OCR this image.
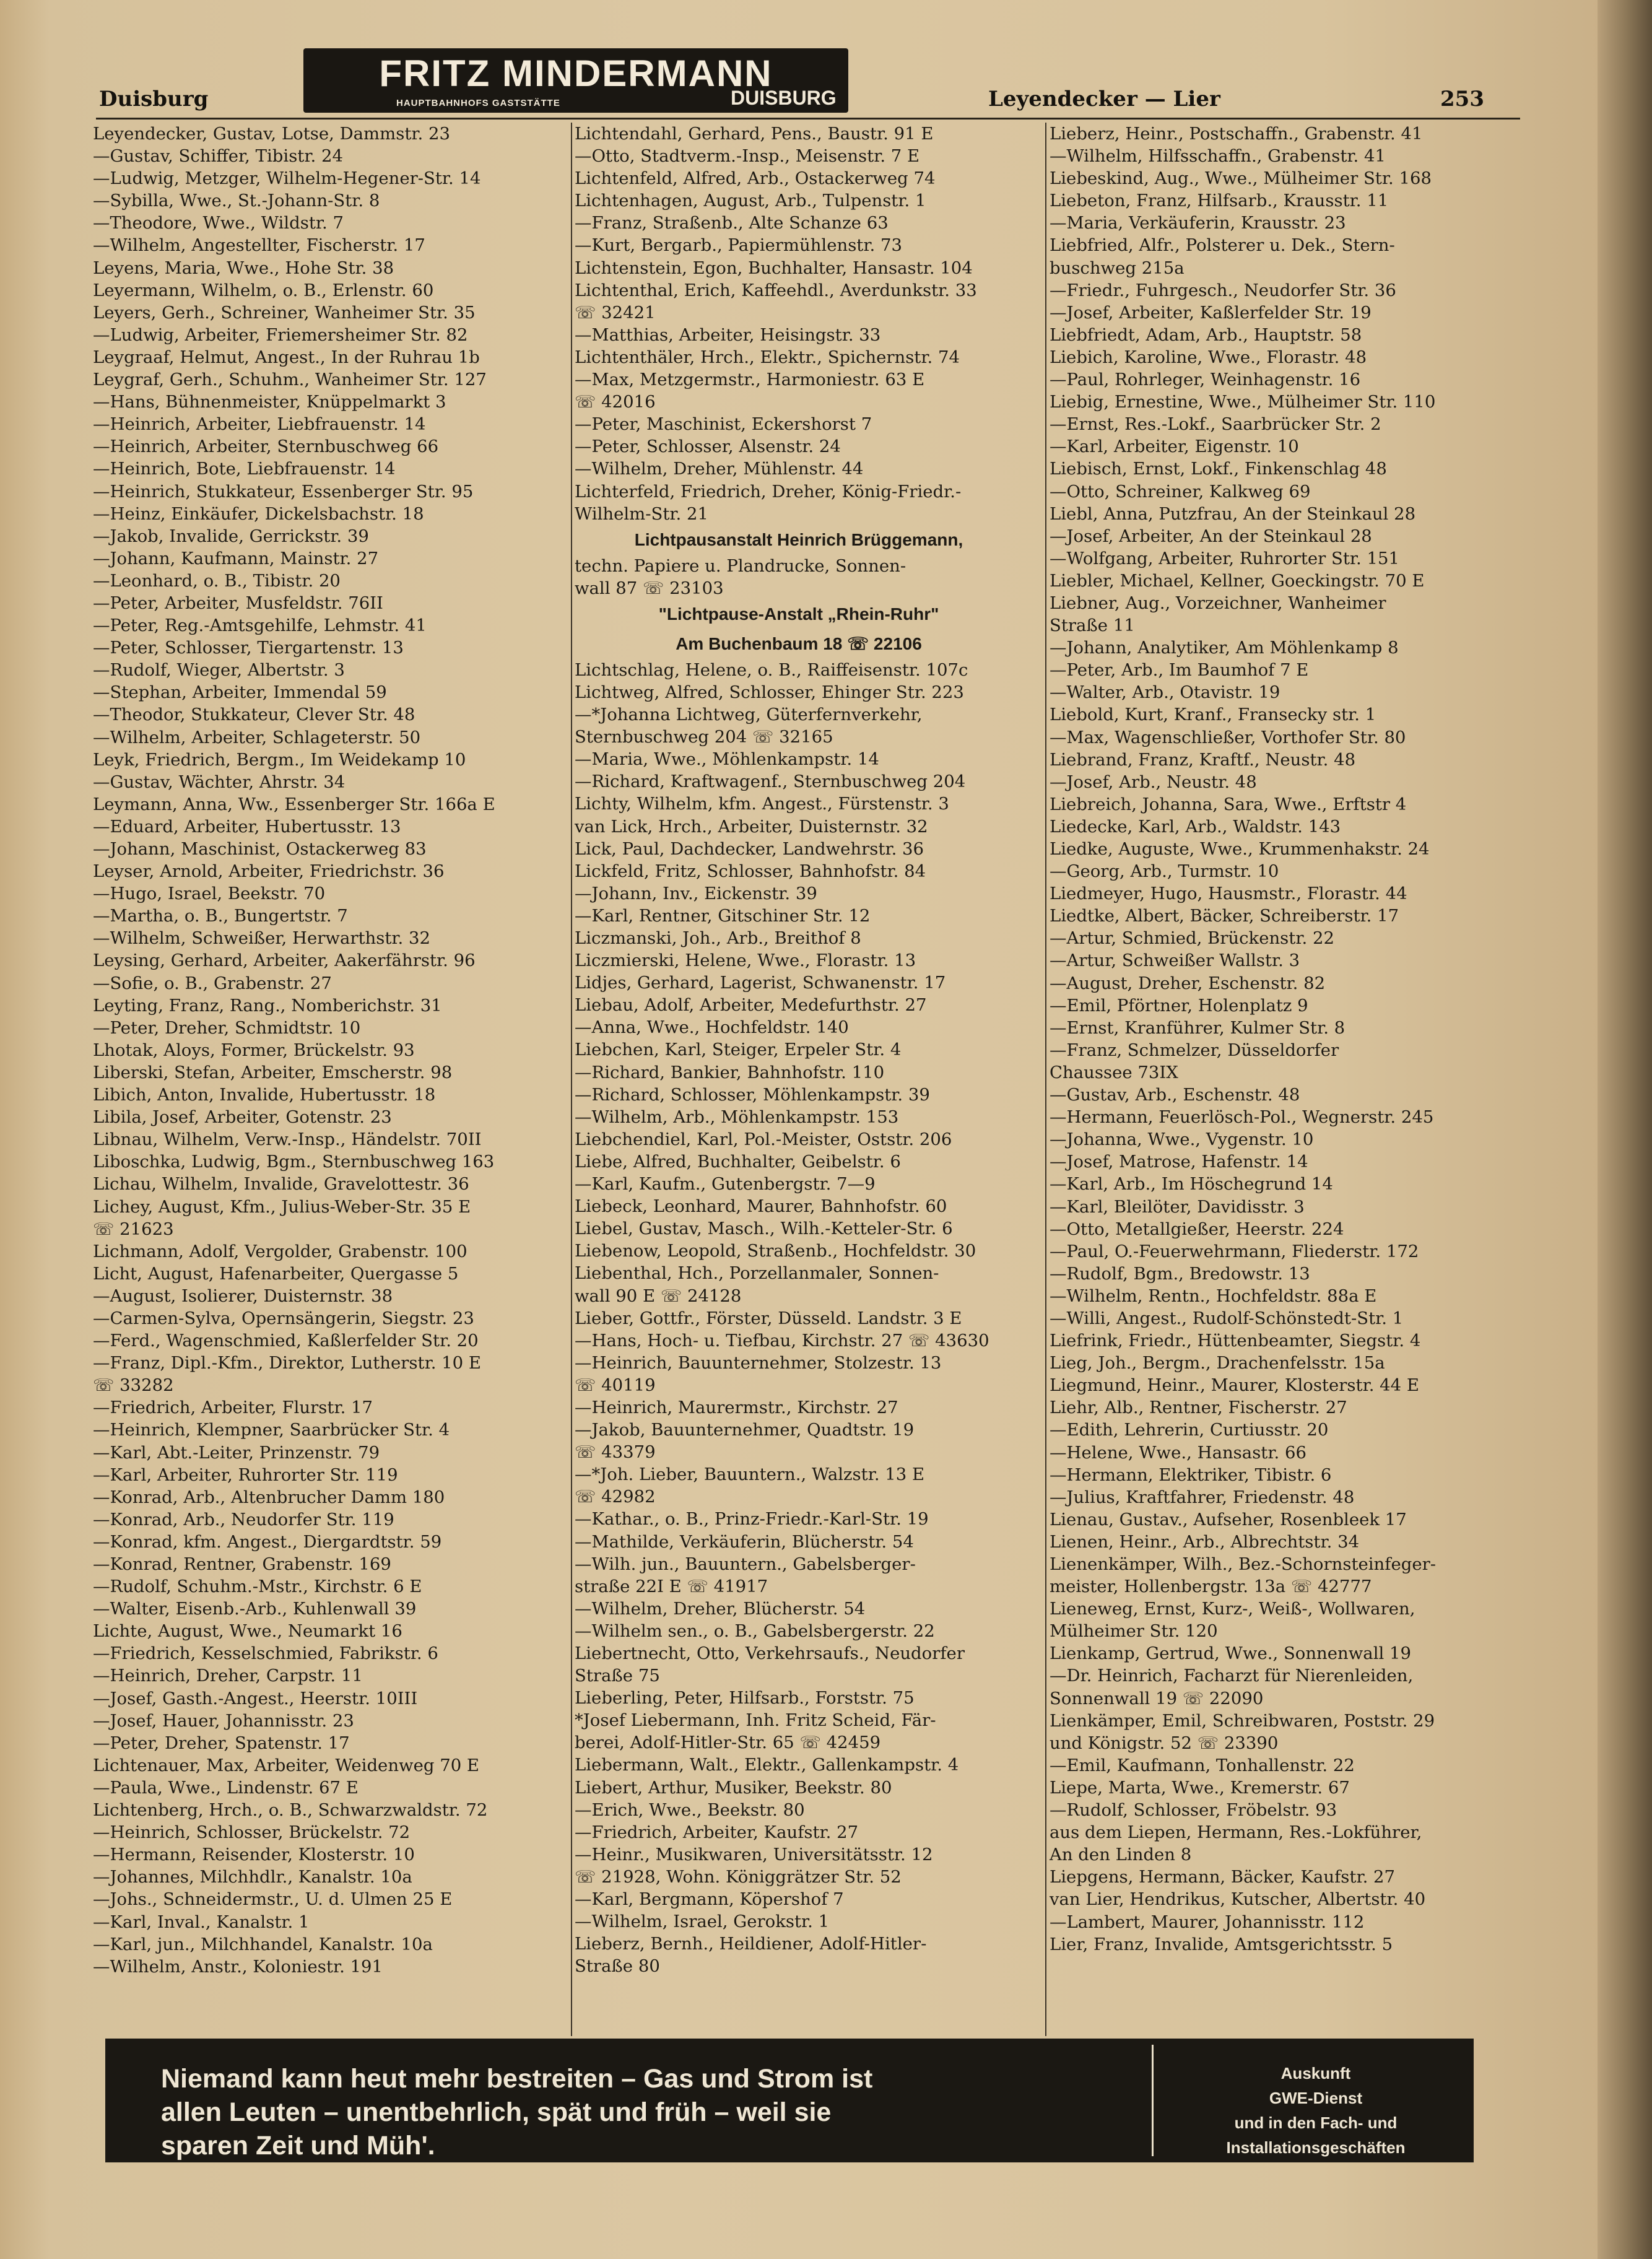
Duisburg
FRITZ MINDERMANN
HAUPTBAHNHOFS GASTSTÄTTE	DUISBURG	Leyendecker — Lier	253
Leyendecker, Gustav, Lotse, Dammstr. 23
—Gustav, Schiffer, Tibistr. 24
—Ludwig, Metzger, Wilhelm-Hegener-Str. 14
—Sybilla, Wwe., St.-Johann-Str. 8
—Theodore, Wwe., Wildstr. 7
—Wilhelm, Angestellter, Fischerstr. 17
Leyens, Maria, Wwe., Hohe Str. 38
Leyermann, Wilhelm, o. B., Erlenstr. 60
Leyers, Gerh., Schreiner, Wanheimer Str. 35
—Ludwig, Arbeiter, Friemersheimer Str. 82
Leygraaf, Helmut, Angest., In der Ruhrau 1b
Leygraf, Gerh., Schuhm., Wanheimer Str. 127
—Hans, Bühnenmeister, Knüppelmarkt 3
—Heinrich, Arbeiter, Liebfrauenstr. 14
—Heinrich, Arbeiter, Sternbuschweg 66
—Heinrich, Bote, Liebfrauenstr. 14
—Heinrich, Stukkateur, Essenberger Str. 95
—Heinz, Einkäufer, Dickelsbachstr. 18
—Jakob, Invalide, Gerrickstr. 39
—Johann, Kaufmann, Mainstr. 27
—Leonhard, o. B., Tibistr. 20
—Peter, Arbeiter, Musfeldstr. 76II
—Peter, Reg.-Amtsgehilfe, Lehmstr. 41
—Peter, Schlosser, Tiergartenstr. 13
—Rudolf, Wieger, Albertstr. 3
—Stephan, Arbeiter, Immendal 59
—Theodor, Stukkateur, Clever Str. 48
—Wilhelm, Arbeiter, Schlageterstr. 50
Leyk, Friedrich, Bergm., Im Weidekamp 10
—Gustav, Wächter, Ahrstr. 34
Leymann, Anna, Ww., Essenberger Str. 166a E
—Eduard, Arbeiter, Hubertusstr. 13
—Johann, Maschinist, Ostackerweg 83
Leyser, Arnold, Arbeiter, Friedrichstr. 36
—Hugo, Israel, Beekstr. 70
—Martha, o. B., Bungertstr. 7
—Wilhelm, Schweißer, Herwarthstr. 32
Leysing, Gerhard, Arbeiter, Aakerfährstr. 96
—Sofie, o. B., Grabenstr. 27
Leyting, Franz, Rang., Nomberichstr. 31
—Peter, Dreher, Schmidtstr. 10
Lhotak, Aloys, Former, Brückelstr. 93
Liberski, Stefan, Arbeiter, Emscherstr. 98
Libich, Anton, Invalide, Hubertusstr. 18
Libila, Josef, Arbeiter, Gotenstr. 23
Libnau, Wilhelm, Verw.-Insp., Händelstr. 70II
Liboschka, Ludwig, Bgm., Sternbuschweg 163
Lichau, Wilhelm, Invalide, Gravelottestr. 36
Lichey, August, Kfm., Julius-Weber-Str. 35 E
☏ 21623
Lichmann, Adolf, Vergolder, Grabenstr. 100
Licht, August, Hafenarbeiter, Quergasse 5
—August, Isolierer, Duisternstr. 38
—Carmen-Sylva, Opernsängerin, Siegstr. 23
—Ferd., Wagenschmied, Kaßlerfelder Str. 20
—Franz, Dipl.-Kfm., Direktor, Lutherstr. 10 E
☏ 33282
—Friedrich, Arbeiter, Flurstr. 17
—Heinrich, Klempner, Saarbrücker Str. 4
—Karl, Abt.-Leiter, Prinzenstr. 79
—Karl, Arbeiter, Ruhrorter Str. 119
—Konrad, Arb., Altenbrucher Damm 180
—Konrad, Arb., Neudorfer Str. 119
—Konrad, kfm. Angest., Diergardtstr. 59
—Konrad, Rentner, Grabenstr. 169
—Rudolf, Schuhm.-Mstr., Kirchstr. 6 E
—Walter, Eisenb.-Arb., Kuhlenwall 39
Lichte, August, Wwe., Neumarkt 16
—Friedrich, Kesselschmied, Fabrikstr. 6
—Heinrich, Dreher, Carpstr. 11
—Josef, Gasth.-Angest., Heerstr. 10III
—Josef, Hauer, Johannisstr. 23
—Peter, Dreher, Spatenstr. 17
Lichtenauer, Max, Arbeiter, Weidenweg 70 E
—Paula, Wwe., Lindenstr. 67 E
Lichtenberg, Hrch., o. B., Schwarzwaldstr. 72
—Heinrich, Schlosser, Brückelstr. 72
—Hermann, Reisender, Klosterstr. 10
—Johannes, Milchhdlr., Kanalstr. 10a
—Johs., Schneidermstr., U. d. Ulmen 25 E
—Karl, Inval., Kanalstr. 1
—Karl, jun., Milchhandel, Kanalstr. 10a
—Wilhelm, Anstr., Koloniestr. 191
Lichtendahl, Gerhard, Pens., Baustr. 91 E
—Otto, Stadtverm.-Insp., Meisenstr. 7 E
Lichtenfeld, Alfred, Arb., Ostackerweg 74
Lichtenhagen, August, Arb., Tulpenstr. 1
—Franz, Straßenb., Alte Schanze 63
—Kurt, Bergarb., Papiermühlenstr. 73
Lichtenstein, Egon, Buchhalter, Hansastr. 104
Lichtenthal, Erich, Kaffeehdl., Averdunkstr. 33
☏ 32421
—Matthias, Arbeiter, Heisingstr. 33
Lichtenthäler, Hrch., Elektr., Spichernstr. 74
—Max, Metzgermstr., Harmoniestr. 63 E
☏ 42016
—Peter, Maschinist, Eckershorst 7
—Peter, Schlosser, Alsenstr. 24
—Wilhelm, Dreher, Mühlenstr. 44
Lichterfeld, Friedrich, Dreher, König-Friedr.-
Wilhelm-Str. 21
Lichtpausanstalt Heinrich Brüggemann,
techn. Papiere u. Plandrucke, Sonnen-
wall 87 ☏ 23103
"Lichtpause-Anstalt „Rhein-Ruhr"
Am Buchenbaum 18 ☏ 22106
Lichtschlag, Helene, o. B., Raiffeisenstr. 107c
Lichtweg, Alfred, Schlosser, Ehinger Str. 223
—*Johanna Lichtweg, Güterfernverkehr,
Sternbuschweg 204 ☏ 32165
—Maria, Wwe., Möhlenkampstr. 14
—Richard, Kraftwagenf., Sternbuschweg 204
Lichty, Wilhelm, kfm. Angest., Fürstenstr. 3
van Lick, Hrch., Arbeiter, Duisternstr. 32
Lick, Paul, Dachdecker, Landwehrstr. 36
Lickfeld, Fritz, Schlosser, Bahnhofstr. 84
—Johann, Inv., Eickenstr. 39
—Karl, Rentner, Gitschiner Str. 12
Liczmanski, Joh., Arb., Breithof 8
Liczmierski, Helene, Wwe., Florastr. 13
Lidjes, Gerhard, Lagerist, Schwanenstr. 17
Liebau, Adolf, Arbeiter, Medefurthstr. 27
—Anna, Wwe., Hochfeldstr. 140
Liebchen, Karl, Steiger, Erpeler Str. 4
—Richard, Bankier, Bahnhofstr. 110
—Richard, Schlosser, Möhlenkampstr. 39
—Wilhelm, Arb., Möhlenkampstr. 153
Liebchendiel, Karl, Pol.-Meister, Oststr. 206
Liebe, Alfred, Buchhalter, Geibelstr. 6
—Karl, Kaufm., Gutenbergstr. 7—9
Liebeck, Leonhard, Maurer, Bahnhofstr. 60
Liebel, Gustav, Masch., Wilh.-Ketteler-Str. 6
Liebenow, Leopold, Straßenb., Hochfeldstr. 30
Liebenthal, Hch., Porzellanmaler, Sonnen-
wall 90 E ☏ 24128
Lieber, Gottfr., Förster, Düsseld. Landstr. 3 E
—Hans, Hoch- u. Tiefbau, Kirchstr. 27 ☏ 43630
—Heinrich, Bauunternehmer, Stolzestr. 13
☏ 40119
—Heinrich, Maurermstr., Kirchstr. 27
—Jakob, Bauunternehmer, Quadtstr. 19
☏ 43379
—*Joh. Lieber, Bauuntern., Walzstr. 13 E
☏ 42982
—Kathar., o. B., Prinz-Friedr.-Karl-Str. 19
—Mathilde, Verkäuferin, Blücherstr. 54
—Wilh. jun., Bauuntern., Gabelsberger-
straße 22I E ☏ 41917
—Wilhelm, Dreher, Blücherstr. 54
—Wilhelm sen., o. B., Gabelsbergerstr. 22
Liebertnecht, Otto, Verkehrsaufs., Neudorfer
Straße 75
Lieberling, Peter, Hilfsarb., Forststr. 75
*Josef Liebermann, Inh. Fritz Scheid, Fär-
berei, Adolf-Hitler-Str. 65 ☏ 42459
Liebermann, Walt., Elektr., Gallenkampstr. 4
Liebert, Arthur, Musiker, Beekstr. 80
—Erich, Wwe., Beekstr. 80
—Friedrich, Arbeiter, Kaufstr. 27
—Heinr., Musikwaren, Universitätsstr. 12
☏ 21928, Wohn. Königgrätzer Str. 52
—Karl, Bergmann, Köpershof 7
—Wilhelm, Israel, Gerokstr. 1
Lieberz, Bernh., Heildiener, Adolf-Hitler-
Straße 80
Lieberz, Heinr., Postschaffn., Grabenstr. 41
—Wilhelm, Hilfsschaffn., Grabenstr. 41
Liebeskind, Aug., Wwe., Mülheimer Str. 168
Liebeton, Franz, Hilfsarb., Krausstr. 11
—Maria, Verkäuferin, Krausstr. 23
Liebfried, Alfr., Polsterer u. Dek., Stern-
buschweg 215a
—Friedr., Fuhrgesch., Neudorfer Str. 36
—Josef, Arbeiter, Kaßlerfelder Str. 19
Liebfriedt, Adam, Arb., Hauptstr. 58
Liebich, Karoline, Wwe., Florastr. 48
—Paul, Rohrleger, Weinhagenstr. 16
Liebig, Ernestine, Wwe., Mülheimer Str. 110
—Ernst, Res.-Lokf., Saarbrücker Str. 2
—Karl, Arbeiter, Eigenstr. 10
Liebisch, Ernst, Lokf., Finkenschlag 48
—Otto, Schreiner, Kalkweg 69
Liebl, Anna, Putzfrau, An der Steinkaul 28
—Josef, Arbeiter, An der Steinkaul 28
—Wolfgang, Arbeiter, Ruhrorter Str. 151
Liebler, Michael, Kellner, Goeckingstr. 70 E
Liebner, Aug., Vorzeichner, Wanheimer
Straße 11
—Johann, Analytiker, Am Möhlenkamp 8
—Peter, Arb., Im Baumhof 7 E
—Walter, Arb., Otavistr. 19
Liebold, Kurt, Kranf., Fransecky str. 1
—Max, Wagenschließer, Vorthofer Str. 80
Liebrand, Franz, Kraftf., Neustr. 48
—Josef, Arb., Neustr. 48
Liebreich, Johanna, Sara, Wwe., Erftstr 4
Liedecke, Karl, Arb., Waldstr. 143
Liedke, Auguste, Wwe., Krummenhakstr. 24
—Georg, Arb., Turmstr. 10
Liedmeyer, Hugo, Hausmstr., Florastr. 44
Liedtke, Albert, Bäcker, Schreiberstr. 17
—Artur, Schmied, Brückenstr. 22
—Artur, Schweißer Wallstr. 3
—August, Dreher, Eschenstr. 82
—Emil, Pförtner, Holenplatz 9
—Ernst, Kranführer, Kulmer Str. 8
—Franz, Schmelzer, Düsseldorfer
Chaussee 73IX
—Gustav, Arb., Eschenstr. 48
—Hermann, Feuerlösch-Pol., Wegnerstr. 245
—Johanna, Wwe., Vygenstr. 10
—Josef, Matrose, Hafenstr. 14
—Karl, Arb., Im Höschegrund 14
—Karl, Bleilöter, Davidisstr. 3
—Otto, Metallgießer, Heerstr. 224
—Paul, O.-Feuerwehrmann, Fliederstr. 172
—Rudolf, Bgm., Bredowstr. 13
—Wilhelm, Rentn., Hochfeldstr. 88a E
—Willi, Angest., Rudolf-Schönstedt-Str. 1
Liefrink, Friedr., Hüttenbeamter, Siegstr. 4
Lieg, Joh., Bergm., Drachenfelsstr. 15a
Liegmund, Heinr., Maurer, Klosterstr. 44 E
Liehr, Alb., Rentner, Fischerstr. 27
—Edith, Lehrerin, Curtiusstr. 20
—Helene, Wwe., Hansastr. 66
—Hermann, Elektriker, Tibistr. 6
—Julius, Kraftfahrer, Friedenstr. 48
Lienau, Gustav., Aufseher, Rosenbleek 17
Lienen, Heinr., Arb., Albrechtstr. 34
Lienenkämper, Wilh., Bez.-Schornsteinfeger-
meister, Hollenbergstr. 13a ☏ 42777
Lieneweg, Ernst, Kurz-, Weiß-, Wollwaren,
Mülheimer Str. 120
Lienkamp, Gertrud, Wwe., Sonnenwall 19
—Dr. Heinrich, Facharzt für Nierenleiden,
Sonnenwall 19 ☏ 22090
Lienkämper, Emil, Schreibwaren, Poststr. 29
und Königstr. 52 ☏ 23390
—Emil, Kaufmann, Tonhallenstr. 22
Liepe, Marta, Wwe., Kremerstr. 67
—Rudolf, Schlosser, Fröbelstr. 93
aus dem Liepen, Hermann, Res.-Lokführer,
An den Linden 8
Liepgens, Hermann, Bäcker, Kaufstr. 27
van Lier, Hendrikus, Kutscher, Albertstr. 40
—Lambert, Maurer, Johannisstr. 112
Lier, Franz, Invalide, Amtsgerichtsstr. 5
Niemand kann heut mehr bestreiten – Gas und Strom ist
allen Leuten – unentbehrlich, spät und früh – weil sie
sparen Zeit und Müh'.
Auskunft
GWE-Dienst
und in den Fach- und
Installationsgeschäften
